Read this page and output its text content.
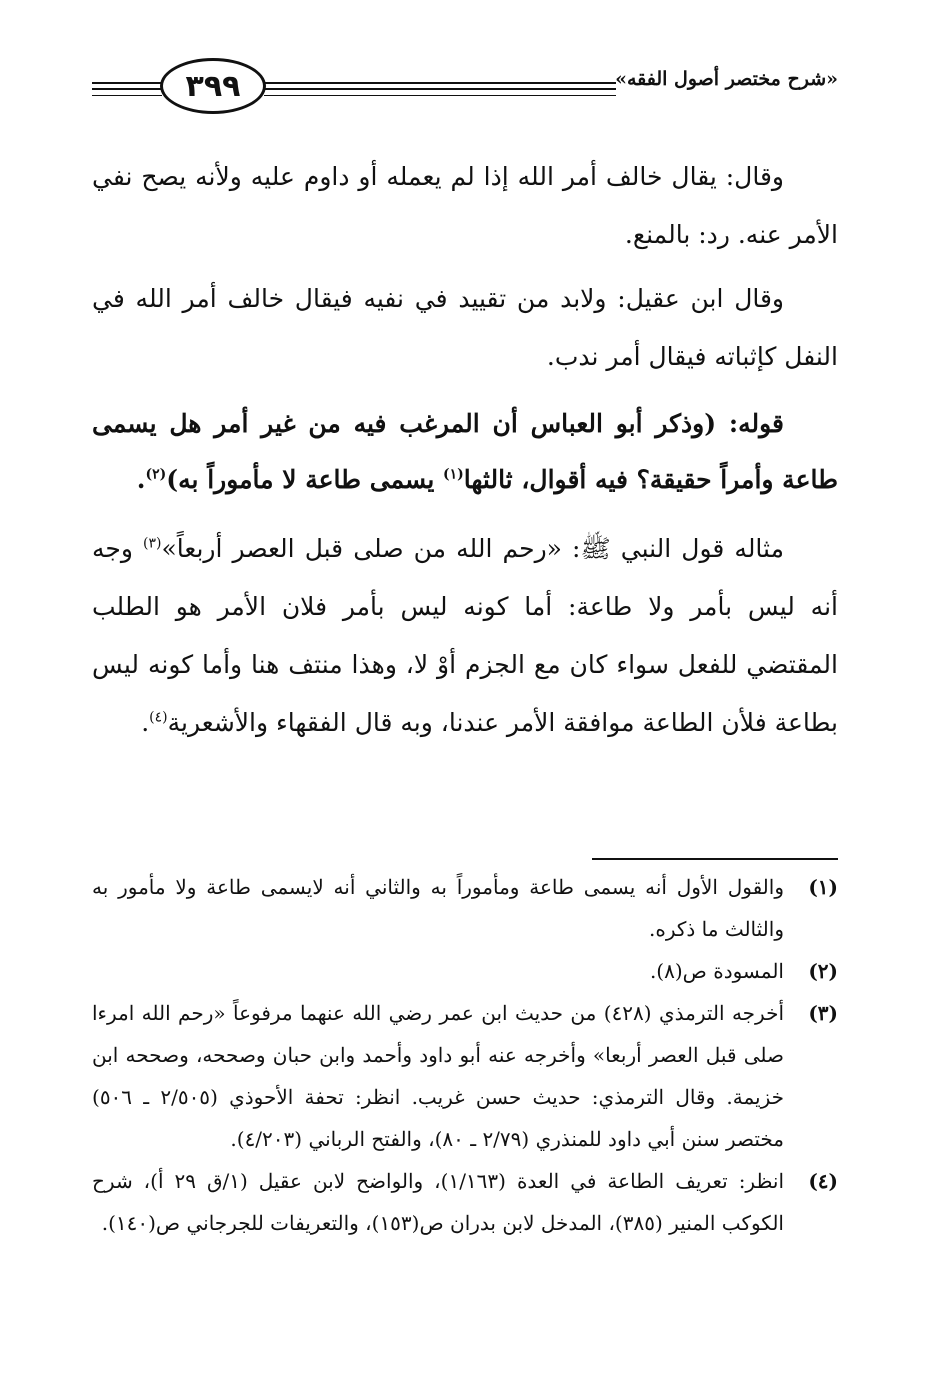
٣٩٩	«شرح مختصر أصول الفقه»

وقال: يقال خالف أمر الله إذا لم يعمله أو داوم عليه ولأنه يصح نفي الأمر عنه. رد: بالمنع.

وقال ابن عقيل: ولابد من تقييد في نفيه فيقال خالف أمر الله في النفل كإثباته فيقال أمر ندب.

قوله: (وذكر أبو العباس أن المرغب فيه من غير أمر هل يسمى طاعة وأمراً حقيقة؟ فيه أقوال، ثالثها$^{(١)}$ يسمى طاعة لا مأموراً به)$^{(٢)}$.

مثاله قول النبي ﷺ: «رحم الله من صلى قبل العصر أربعاً»$^{(٣)}$ وجه أنه ليس بأمر ولا طاعة: أما كونه ليس بأمر فلان الأمر هو الطلب المقتضي للفعل سواء كان مع الجزم أوْ لا، وهذا منتف هنا وأما كونه ليس بطاعة فلأن الطاعة موافقة الأمر عندنا، وبه قال الفقهاء والأشعرية$^{(٤)}$.

(١)
والقول الأول أنه يسمى طاعة ومأموراً به والثاني أنه لايسمى طاعة ولا مأمور به والثالث ما ذكره.

(٢)
المسودة ص(٨).

(٣)
أخرجه الترمذي (٤٢٨) من حديث ابن عمر رضي الله عنهما مرفوعاً «رحم الله امرءا صلى قبل العصر أربعا» وأخرجه عنه أبو داود وأحمد وابن حبان وصححه، وصححه ابن خزيمة. وقال الترمذي: حديث حسن غريب. انظر: تحفة الأحوذي (٢/٥٠٥ ـ ٥٠٦) مختصر سنن أبي داود للمنذري (٢/٧٩ ـ ٨٠)، والفتح الرباني (٤/٢٠٣).

(٤)
انظر: تعريف الطاعة في العدة (١/١٦٣)، والواضح لابن عقيل (١/ق ٢٩ أ)، شرح الكوكب المنير (٣٨٥)، المدخل لابن بدران ص(١٥٣)، والتعريفات للجرجاني ص(١٤٠).
